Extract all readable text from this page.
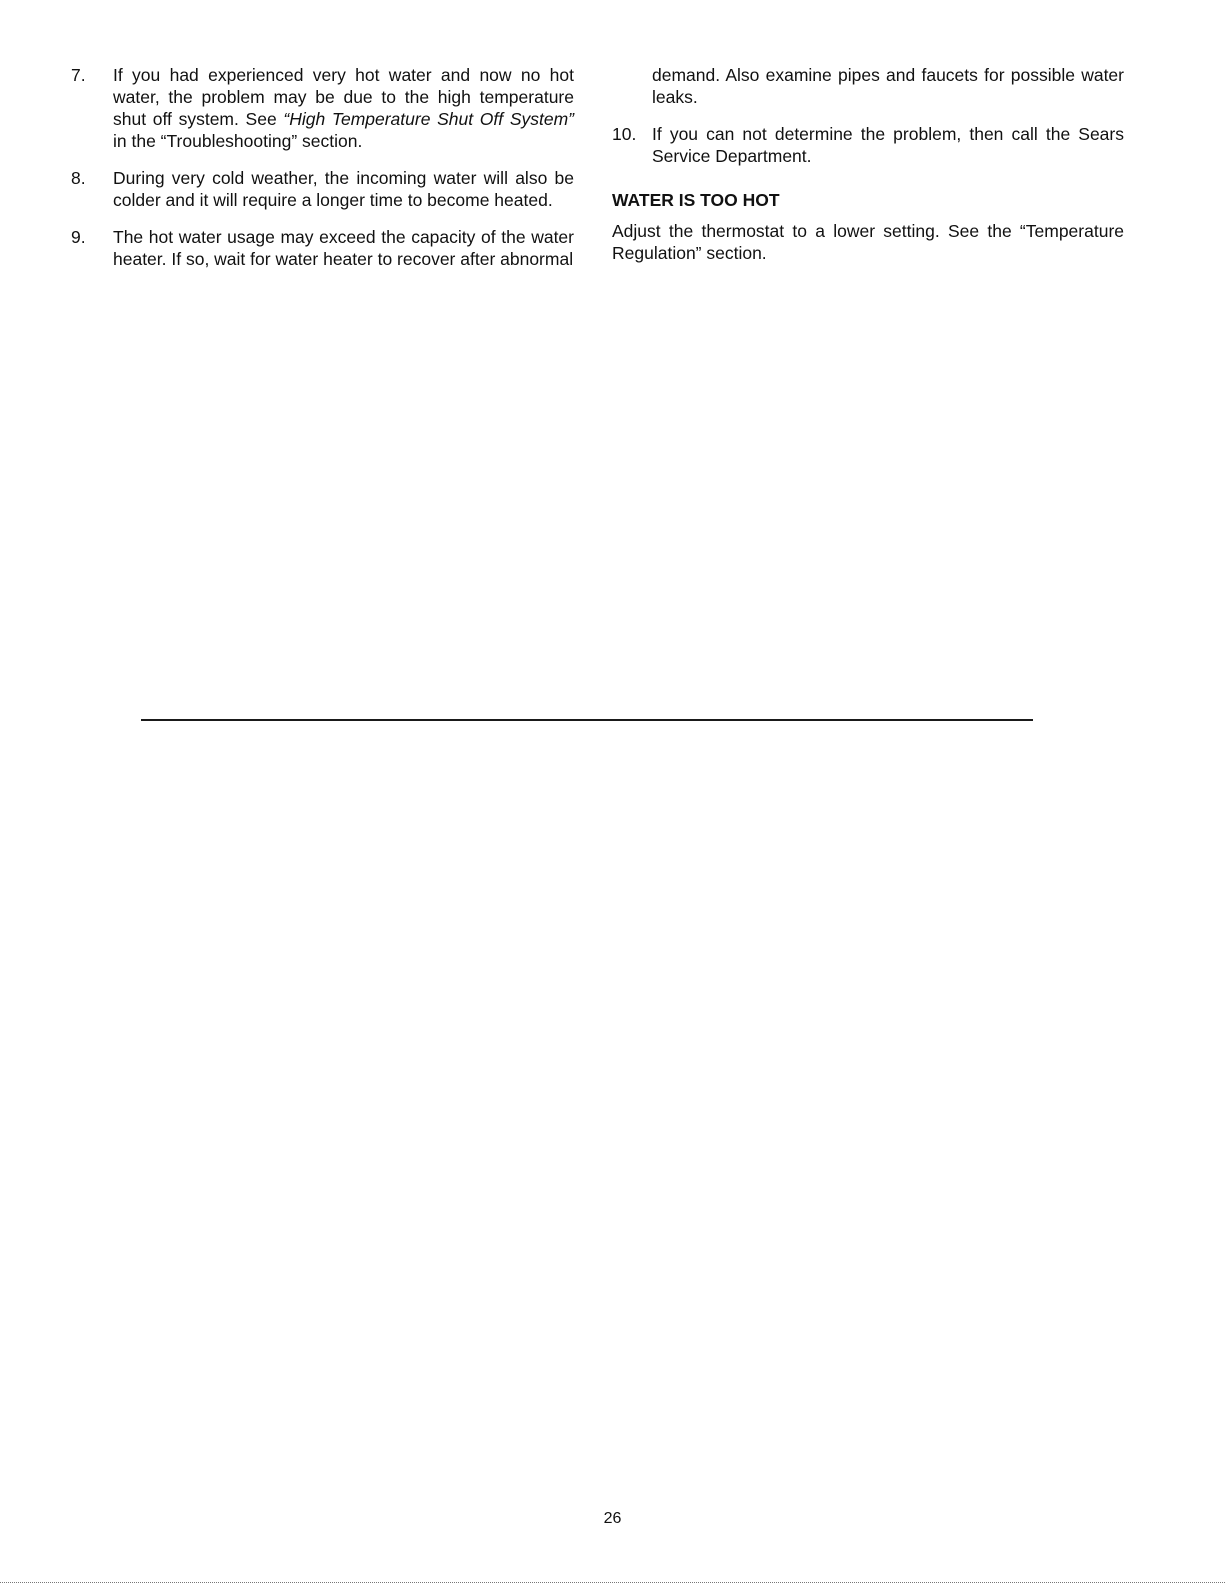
7. If you had experienced very hot water and now no hot water, the problem may be due to the high temperature shut off system. See “High Temperature Shut Off System” in the “Troubleshooting” section.
8. During very cold weather, the incoming water will also be colder and it will require a longer time to become heated.
9. The hot water usage may exceed the capacity of the water heater. If so, wait for water heater to recover after abnormal
demand. Also examine pipes and faucets for possible water leaks.
10. If you can not determine the problem, then call the Sears Service Department.
WATER IS TOO HOT
Adjust the thermostat to a lower setting. See the “Temperature Regulation” section.
26
